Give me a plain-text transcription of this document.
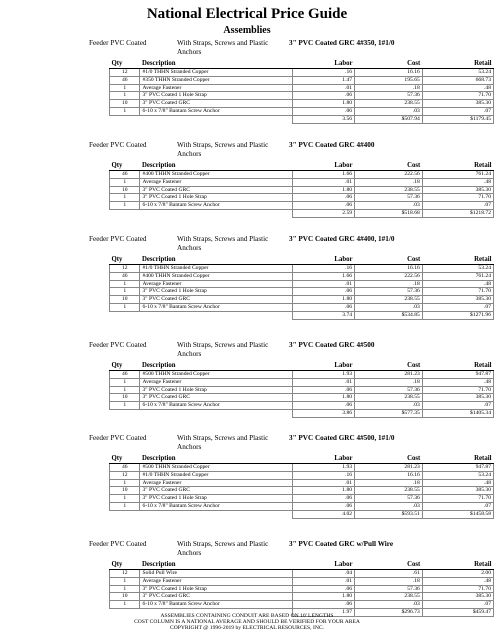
National Electrical Price Guide
Assemblies
Feeder PVC Coated	With Straps, Screws and Plastic Anchors
3" PVC Coated GRC 4#350, 1#1/0
Qty	Description	Labor	Cost	Retail
12	#1/0 THHN Stranded Copper	.16	16.16	53.24
46	#350 THHN Stranded Copper	1.47	195.65	668.73
1	Average Fastener	.01	.18	.48
1	3" PVC Coated 1 Hole Strap	.06	57.36	71.70
10	3" PVC Coated GRC	1.80	238.55	385.30
1	6-10 x 7/8" Bantam Screw Anchor	.06	.03	.07
		3.56	$507.94	$1179.45
Feeder PVC Coated	With Straps, Screws and Plastic Anchors
3" PVC Coated GRC 4#400
Qty	Description	Labor	Cost	Retail
46	#400 THHN Stranded Copper	1.66	222.56	761.24
1	Average Fastener	.01	.18	.48
10	3" PVC Coated GRC	1.80	238.55	385.30
1	3" PVC Coated 1 Hole Strap	.06	57.36	71.70
1	6-10 x 7/8" Bantam Screw Anchor	.06	.03	.07
		2.59	$518.68	$1218.72
Feeder PVC Coated	With Straps, Screws and Plastic Anchors
3" PVC Coated GRC 4#400, 1#1/0
Qty	Description	Labor	Cost	Retail
12	#1/0 THHN Stranded Copper	.16	16.16	53.24
46	#400 THHN Stranded Copper	1.66	222.56	761.24
1	Average Fastener	.01	.18	.48
1	3" PVC Coated 1 Hole Strap	.06	57.36	71.70
10	3" PVC Coated GRC	1.80	238.55	385.30
1	6-10 x 7/8" Bantam Screw Anchor	.06	.03	.07
		3.74	$534.85	$1271.96
Feeder PVC Coated	With Straps, Screws and Plastic Anchors
3" PVC Coated GRC 4#500
Qty	Description	Labor	Cost	Retail
46	#500 THHN Stranded Copper	1.93	281.23	947.87
1	Average Fastener	.01	.18	.48
1	3" PVC Coated 1 Hole Strap	.06	57.36	71.70
10	3" PVC Coated GRC	1.80	238.55	385.30
1	6-10 x 7/8" Bantam Screw Anchor	.06	.03	.07
		3.86	$577.35	$1405.34
Feeder PVC Coated	With Straps, Screws and Plastic Anchors
3" PVC Coated GRC 4#500, 1#1/0
Qty	Description	Labor	Cost	Retail
46	#500 THHN Stranded Copper	1.93	281.23	947.87
12	#1/0 THHN Stranded Copper	.16	16.16	53.24
1	Average Fastener	.01	.18	.48
10	3" PVC Coated GRC	1.80	238.55	385.30
1	3" PVC Coated 1 Hole Strap	.06	57.36	71.70
1	6-10 x 7/8" Bantam Screw Anchor	.06	.03	.07
		4.02	$593.51	$1458.58
Feeder PVC Coated	With Straps, Screws and Plastic Anchors
3" PVC Coated GRC w/Pull Wire
Qty	Description	Labor	Cost	Retail
12	Solid Pull Wire	.04	.61	2.00
1	Average Fastener	.01	.18	.48
1	3" PVC Coated 1 Hole Strap	.06	57.36	71.70
10	3" PVC Coated GRC	1.80	238.55	385.30
1	6-10 x 7/8" Bantam Screw Anchor	.06	.03	.07
		1.97	$296.73	$459.47
ASSEMBLIES CONTAINING CONDUIT ARE BASED ON 10' LENGTHS
COST COLUMN IS A NATIONAL AVERAGE AND SHOULD BE VERIFIED FOR YOUR AREA
COPYRIGHT @ 1996-2019 by ELECTRICAL RESOURCES, INC.
